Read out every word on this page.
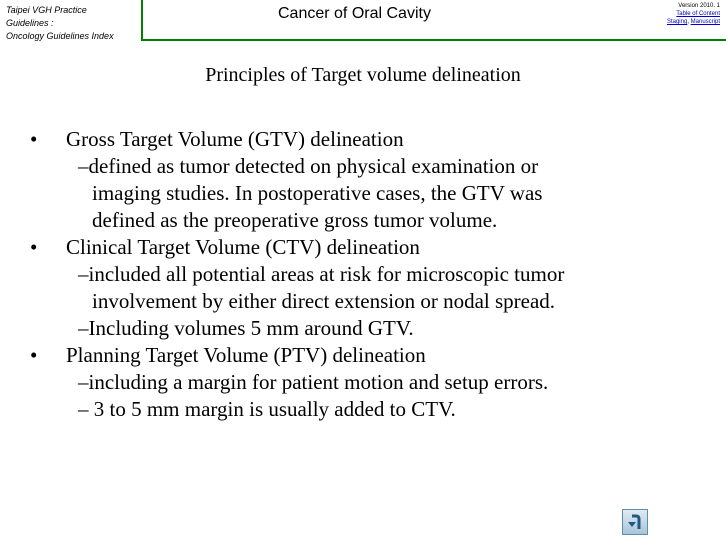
Taipei VGH Practice
Guidelines :
Oncology Guidelines Index
Cancer of Oral Cavity	Version 2010. 1
Table of Content
Staging, Manuscript
Principles of Target volume delineation
• Gross Target Volume (GTV) delineation
–defined as tumor detected on physical examination or
imaging studies. In postoperative cases, the GTV was
defined as the preoperative gross tumor volume.
• Clinical Target Volume (CTV) delineation
–included all potential areas at risk for microscopic tumor
involvement by either direct extension or nodal spread.
–Including volumes 5 mm around GTV.
• Planning Target Volume (PTV) delineation
–including a margin for patient motion and setup errors.
– 3 to 5 mm margin is usually added to CTV.
